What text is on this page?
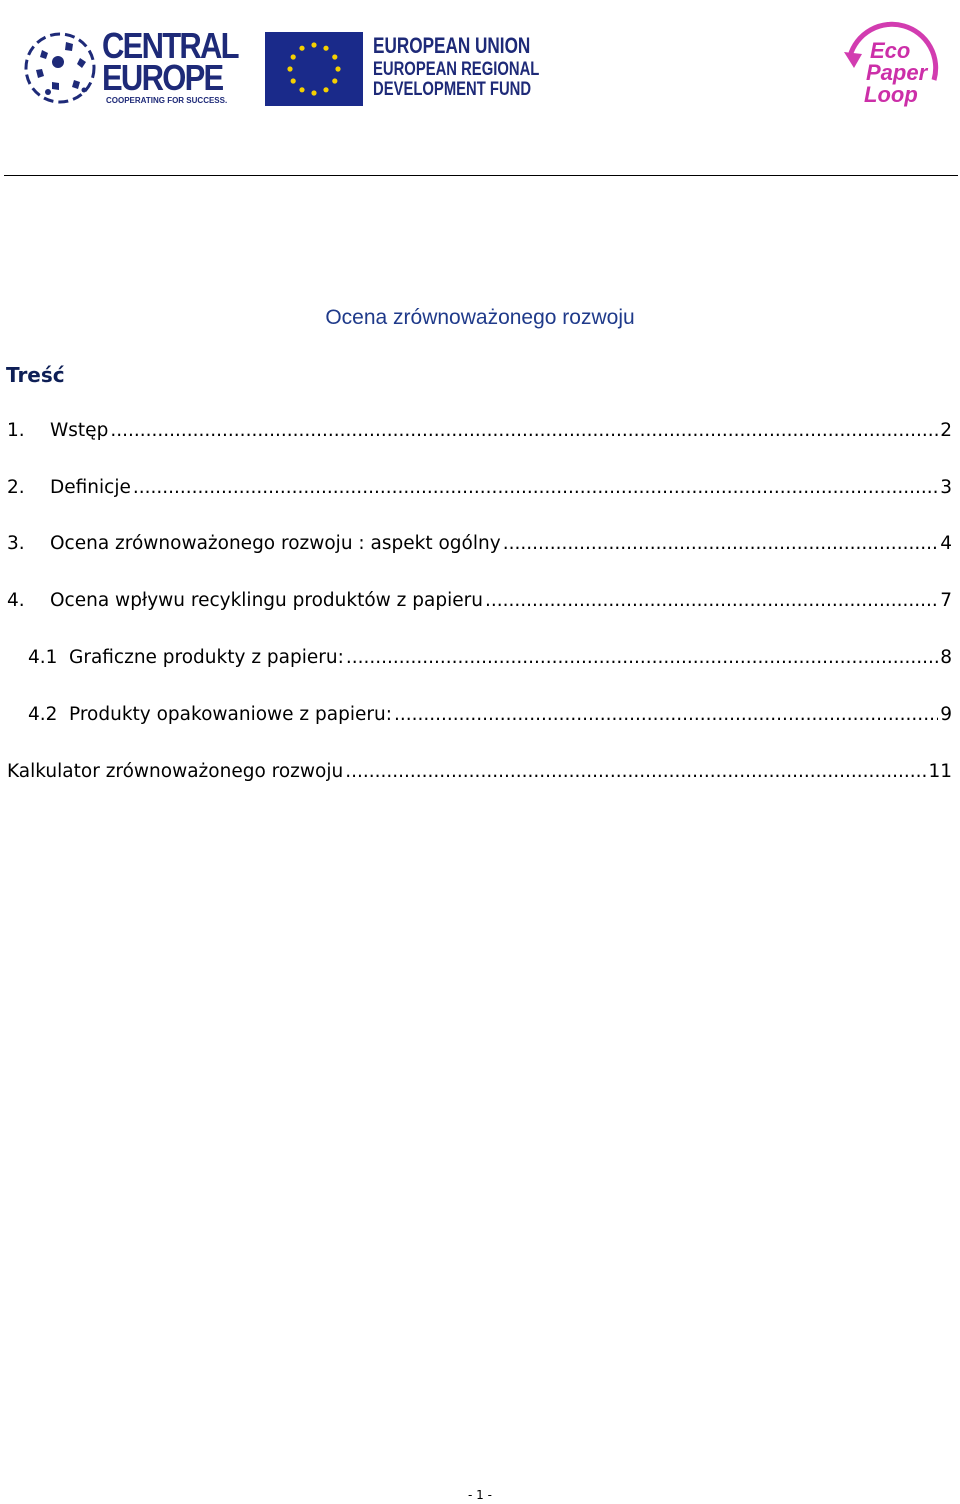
CENTRAL
EUROPE
COOPERATING FOR SUCCESS.
EUROPEAN UNION
EUROPEAN REGIONAL
DEVELOPMENT FUND
Eco
Paper
Loop
Ocena zrównoważonego rozwoju
Treść
1.	Wstęp .....	2
2.	Definicje .....	3
3.	Ocena zrównoważonego rozwoju : aspekt ogólny .....	4
4.	Ocena wpływu recyklingu produktów z papieru .....	7
4.1 Graficzne produkty z papieru: .....	8
4.2 Produkty opakowaniowe z papieru: .....	9
Kalkulator zrównoważonego rozwoju .....	11
- 1 -
